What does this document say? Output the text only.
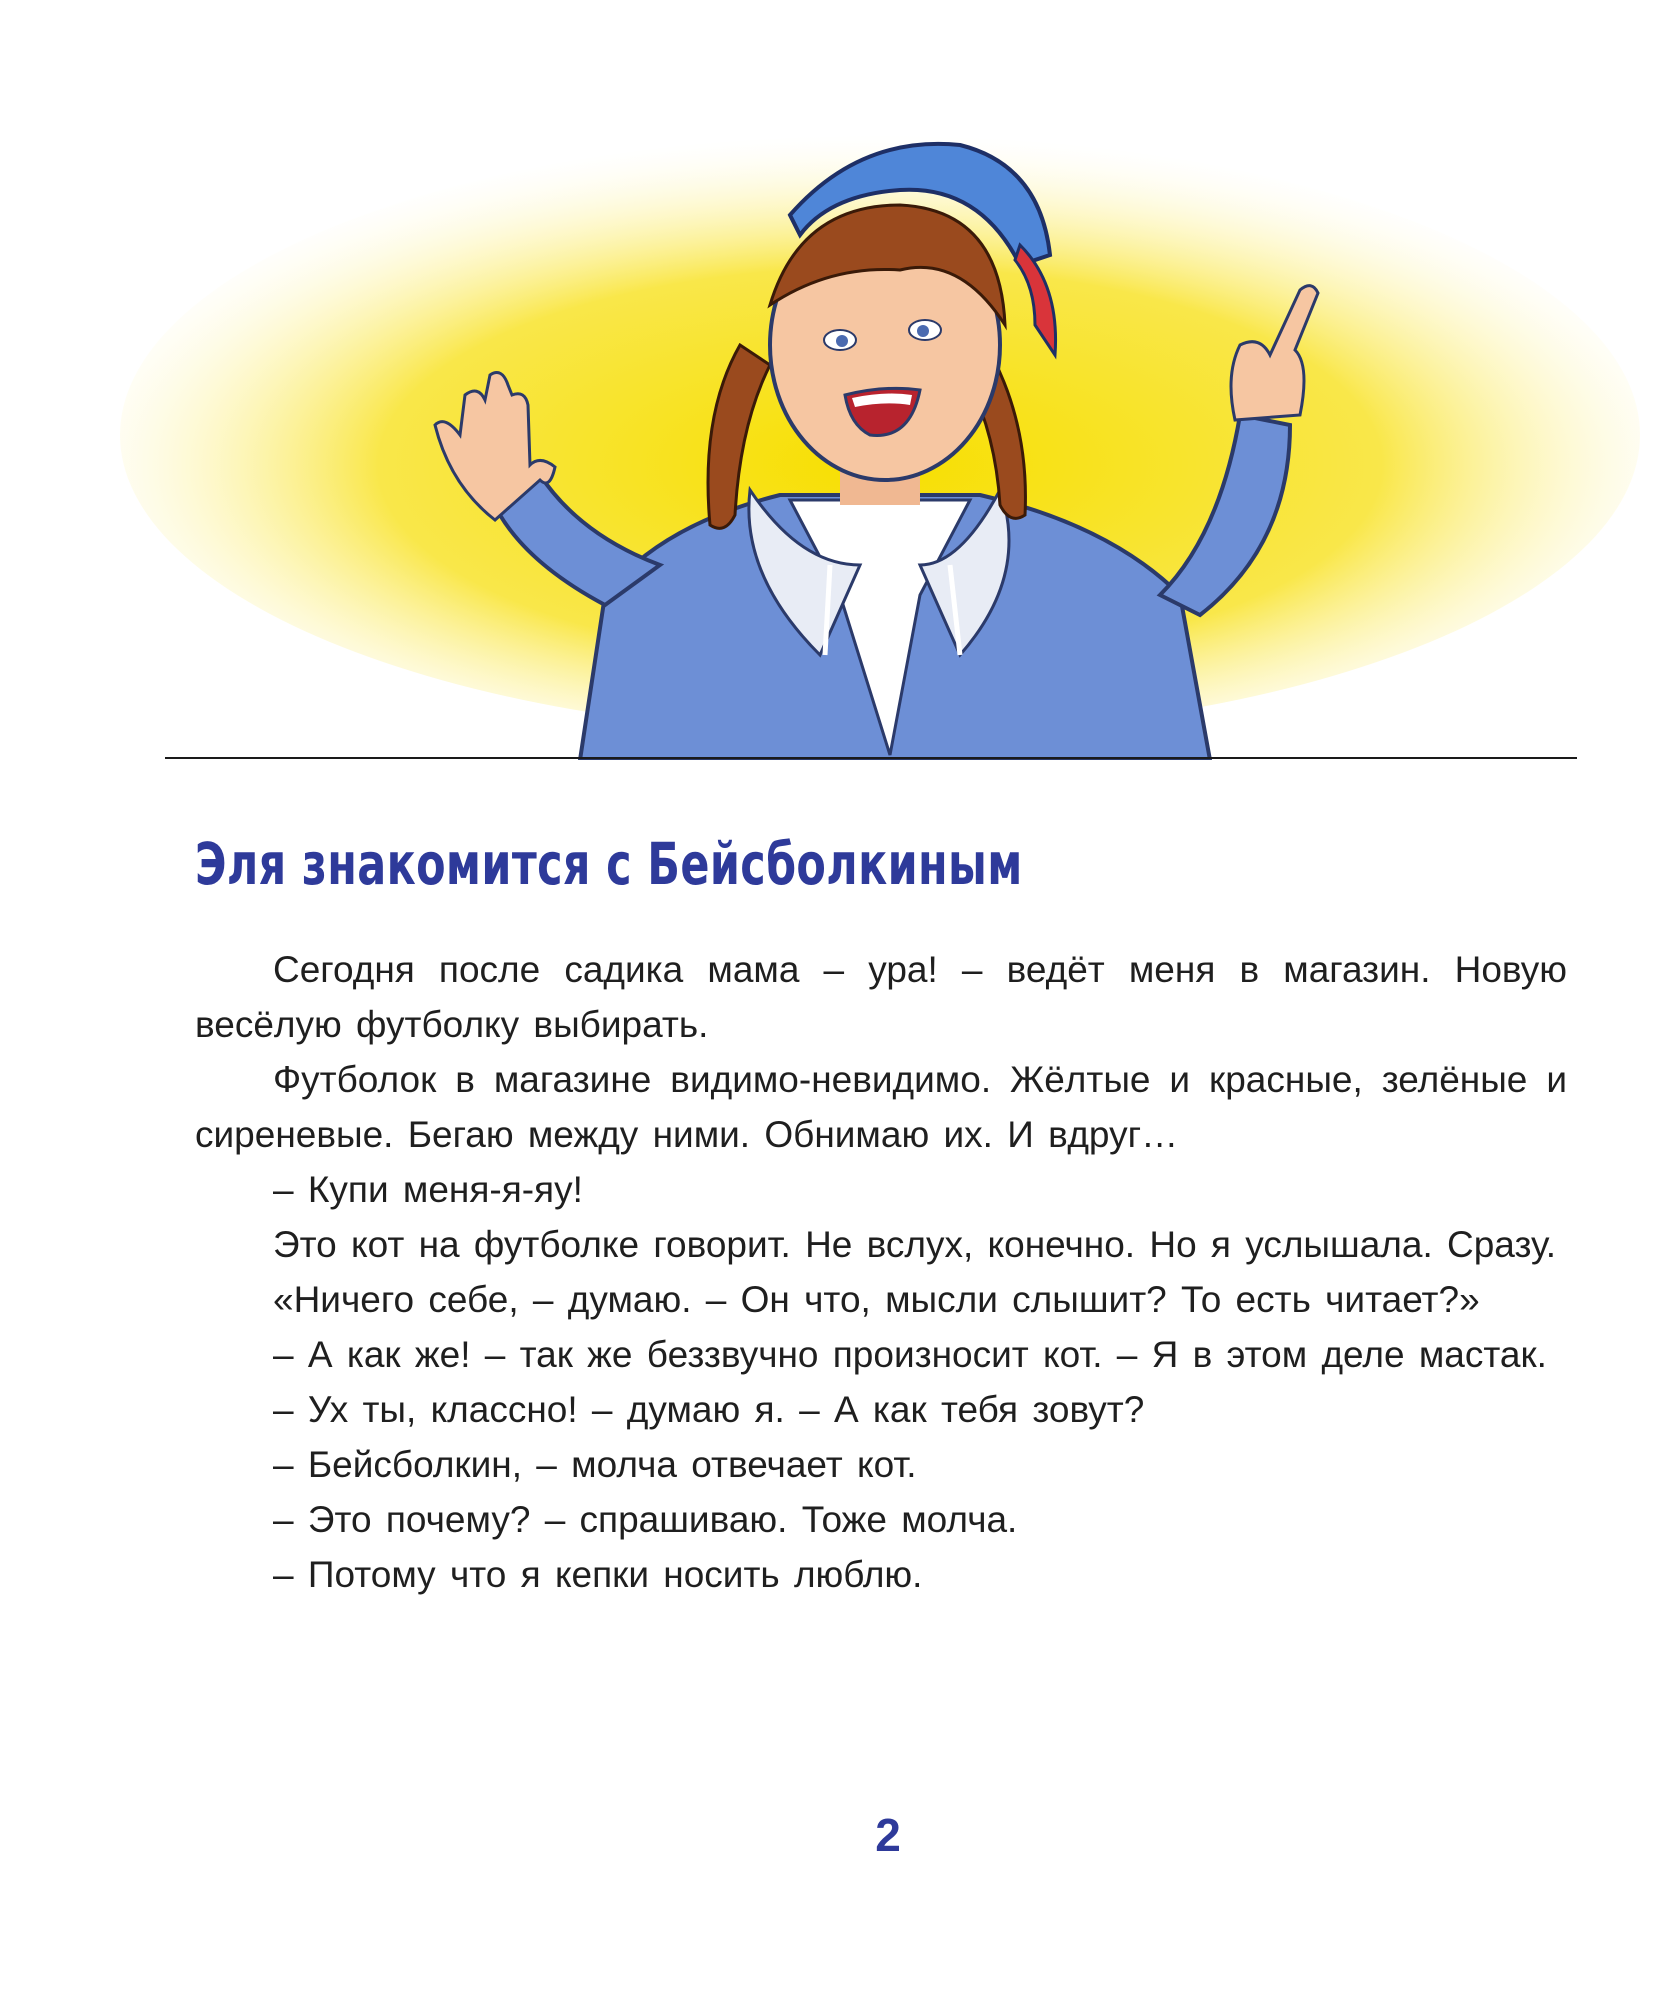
Эля знакомится с Бейсболкиным

Сегодня после садика мама – ура! – ведёт меня в магазин. Новую весёлую футболку выбирать.

Футболок в магазине видимо-невидимо. Жёлтые и красные, зелёные и сиреневые. Бегаю между ними. Обнимаю их. И вдруг…

– Купи меня-я-яу!

Это кот на футболке говорит. Не вслух, конечно. Но я услышала. Сразу.

«Ничего себе, – думаю. – Он что, мысли слышит? То есть читает?»

– А как же! – так же беззвучно произносит кот. – Я в этом деле мастак.

– Ух ты, классно! – думаю я. – А как тебя зовут?

– Бейсболкин, – молча отвечает кот.

– Это почему? – спрашиваю. Тоже молча.

– Потому что я кепки носить люблю.

2
